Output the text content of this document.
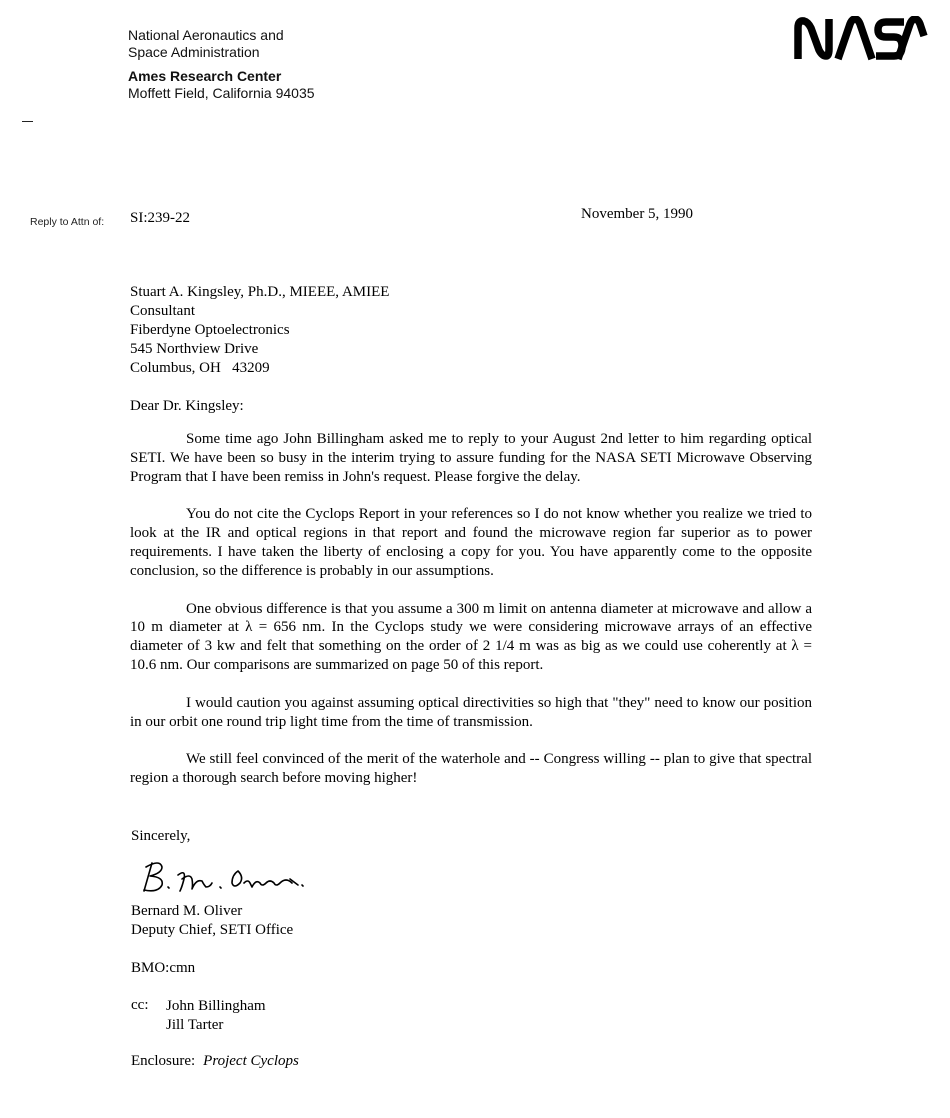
National Aeronautics and
Space Administration
Ames Research Center
Moffett Field, California 94035
Reply to Attn of: SI:239-22	November 5, 1990
Stuart A. Kingsley, Ph.D., MIEEE, AMIEE
Consultant
Fiberdyne Optoelectronics
545 Northview Drive
Columbus, OH   43209
Dear Dr. Kingsley:

Some time ago John Billingham asked me to reply to your August 2nd letter to him regarding optical SETI. We have been so busy in the interim trying to assure funding for the NASA SETI Microwave Observing Program that I have been remiss in John's request. Please forgive the delay.

You do not cite the Cyclops Report in your references so I do not know whether you realize we tried to look at the IR and optical regions in that report and found the microwave region far superior as to power requirements. I have taken the liberty of enclosing a copy for you. You have apparently come to the opposite conclusion, so the difference is probably in our assumptions.

One obvious difference is that you assume a 300 m limit on antenna diameter at microwave and allow a 10 m diameter at λ = 656 nm. In the Cyclops study we were considering microwave arrays of an effective diameter of 3 kw and felt that something on the order of 2 1/4 m was as big as we could use coherently at λ = 10.6 nm. Our comparisons are summarized on page 50 of this report.

I would caution you against assuming optical directivities so high that "they" need to know our position in our orbit one round trip light time from the time of transmission.

We still feel convinced of the merit of the waterhole and -- Congress willing -- plan to give that spectral region a thorough search before moving higher!

Sincerely,
Bernard M. Oliver
Deputy Chief, SETI Office
BMO:cmn
cc: John Billingham
Jill Tarter
Enclosure: Project Cyclops
